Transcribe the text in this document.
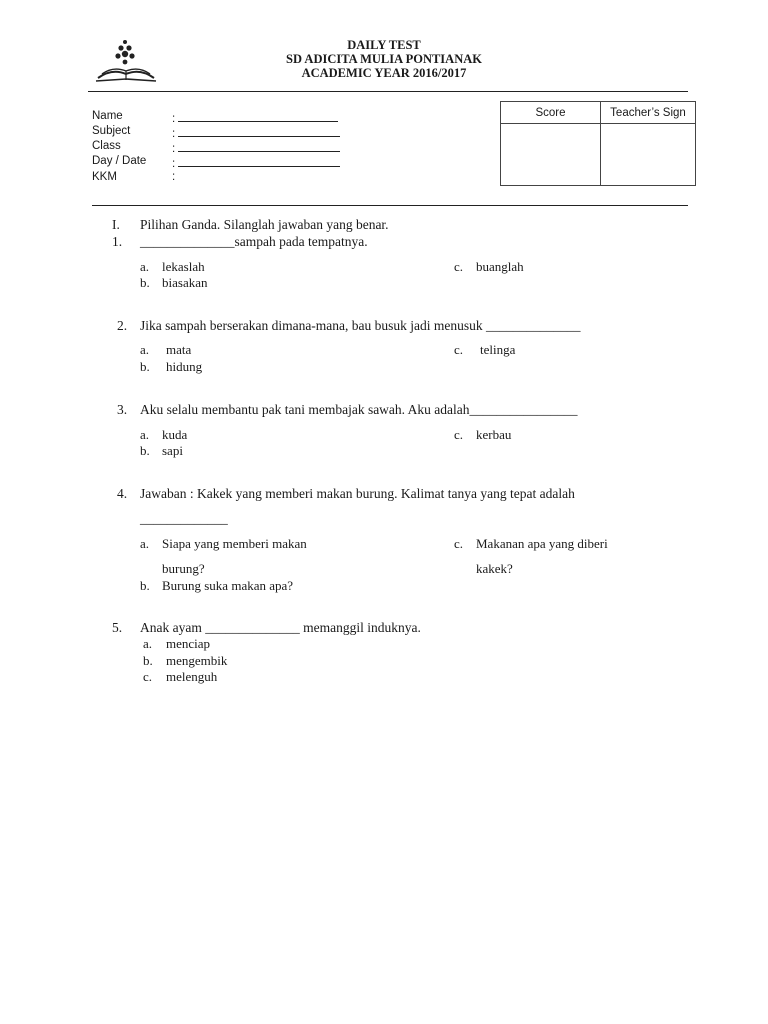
DAILY TEST
SD ADICITA MULIA PONTIANAK
ACADEMIC YEAR 2016/2017
Name	:
Subject	:
Class	:
Day / Date :
KKM	:
Score	Teacher’s Sign

I. Pilihan Ganda. Silanglah jawaban yang benar.
1. ______________sampah pada tempatnya.
a. lekaslah
b. biasakan
c. buanglah
2. Jika sampah berserakan dimana-mana, bau busuk jadi menusuk ______________
a. mata
b. hidung
c. telinga
3. Aku selalu membantu pak tani membajak sawah. Aku adalah________________
a. kuda
b. sapi
c. kerbau
4. Jawaban : Kakek yang memberi makan burung. Kalimat tanya yang tepat adalah
_____________
a. Siapa yang memberi makan
burung?
b. Burung suka makan apa?
c. Makanan apa yang diberi
kakek?
5. Anak ayam ______________ memanggil induknya.
a. menciap
b. mengembik
c. melenguh
